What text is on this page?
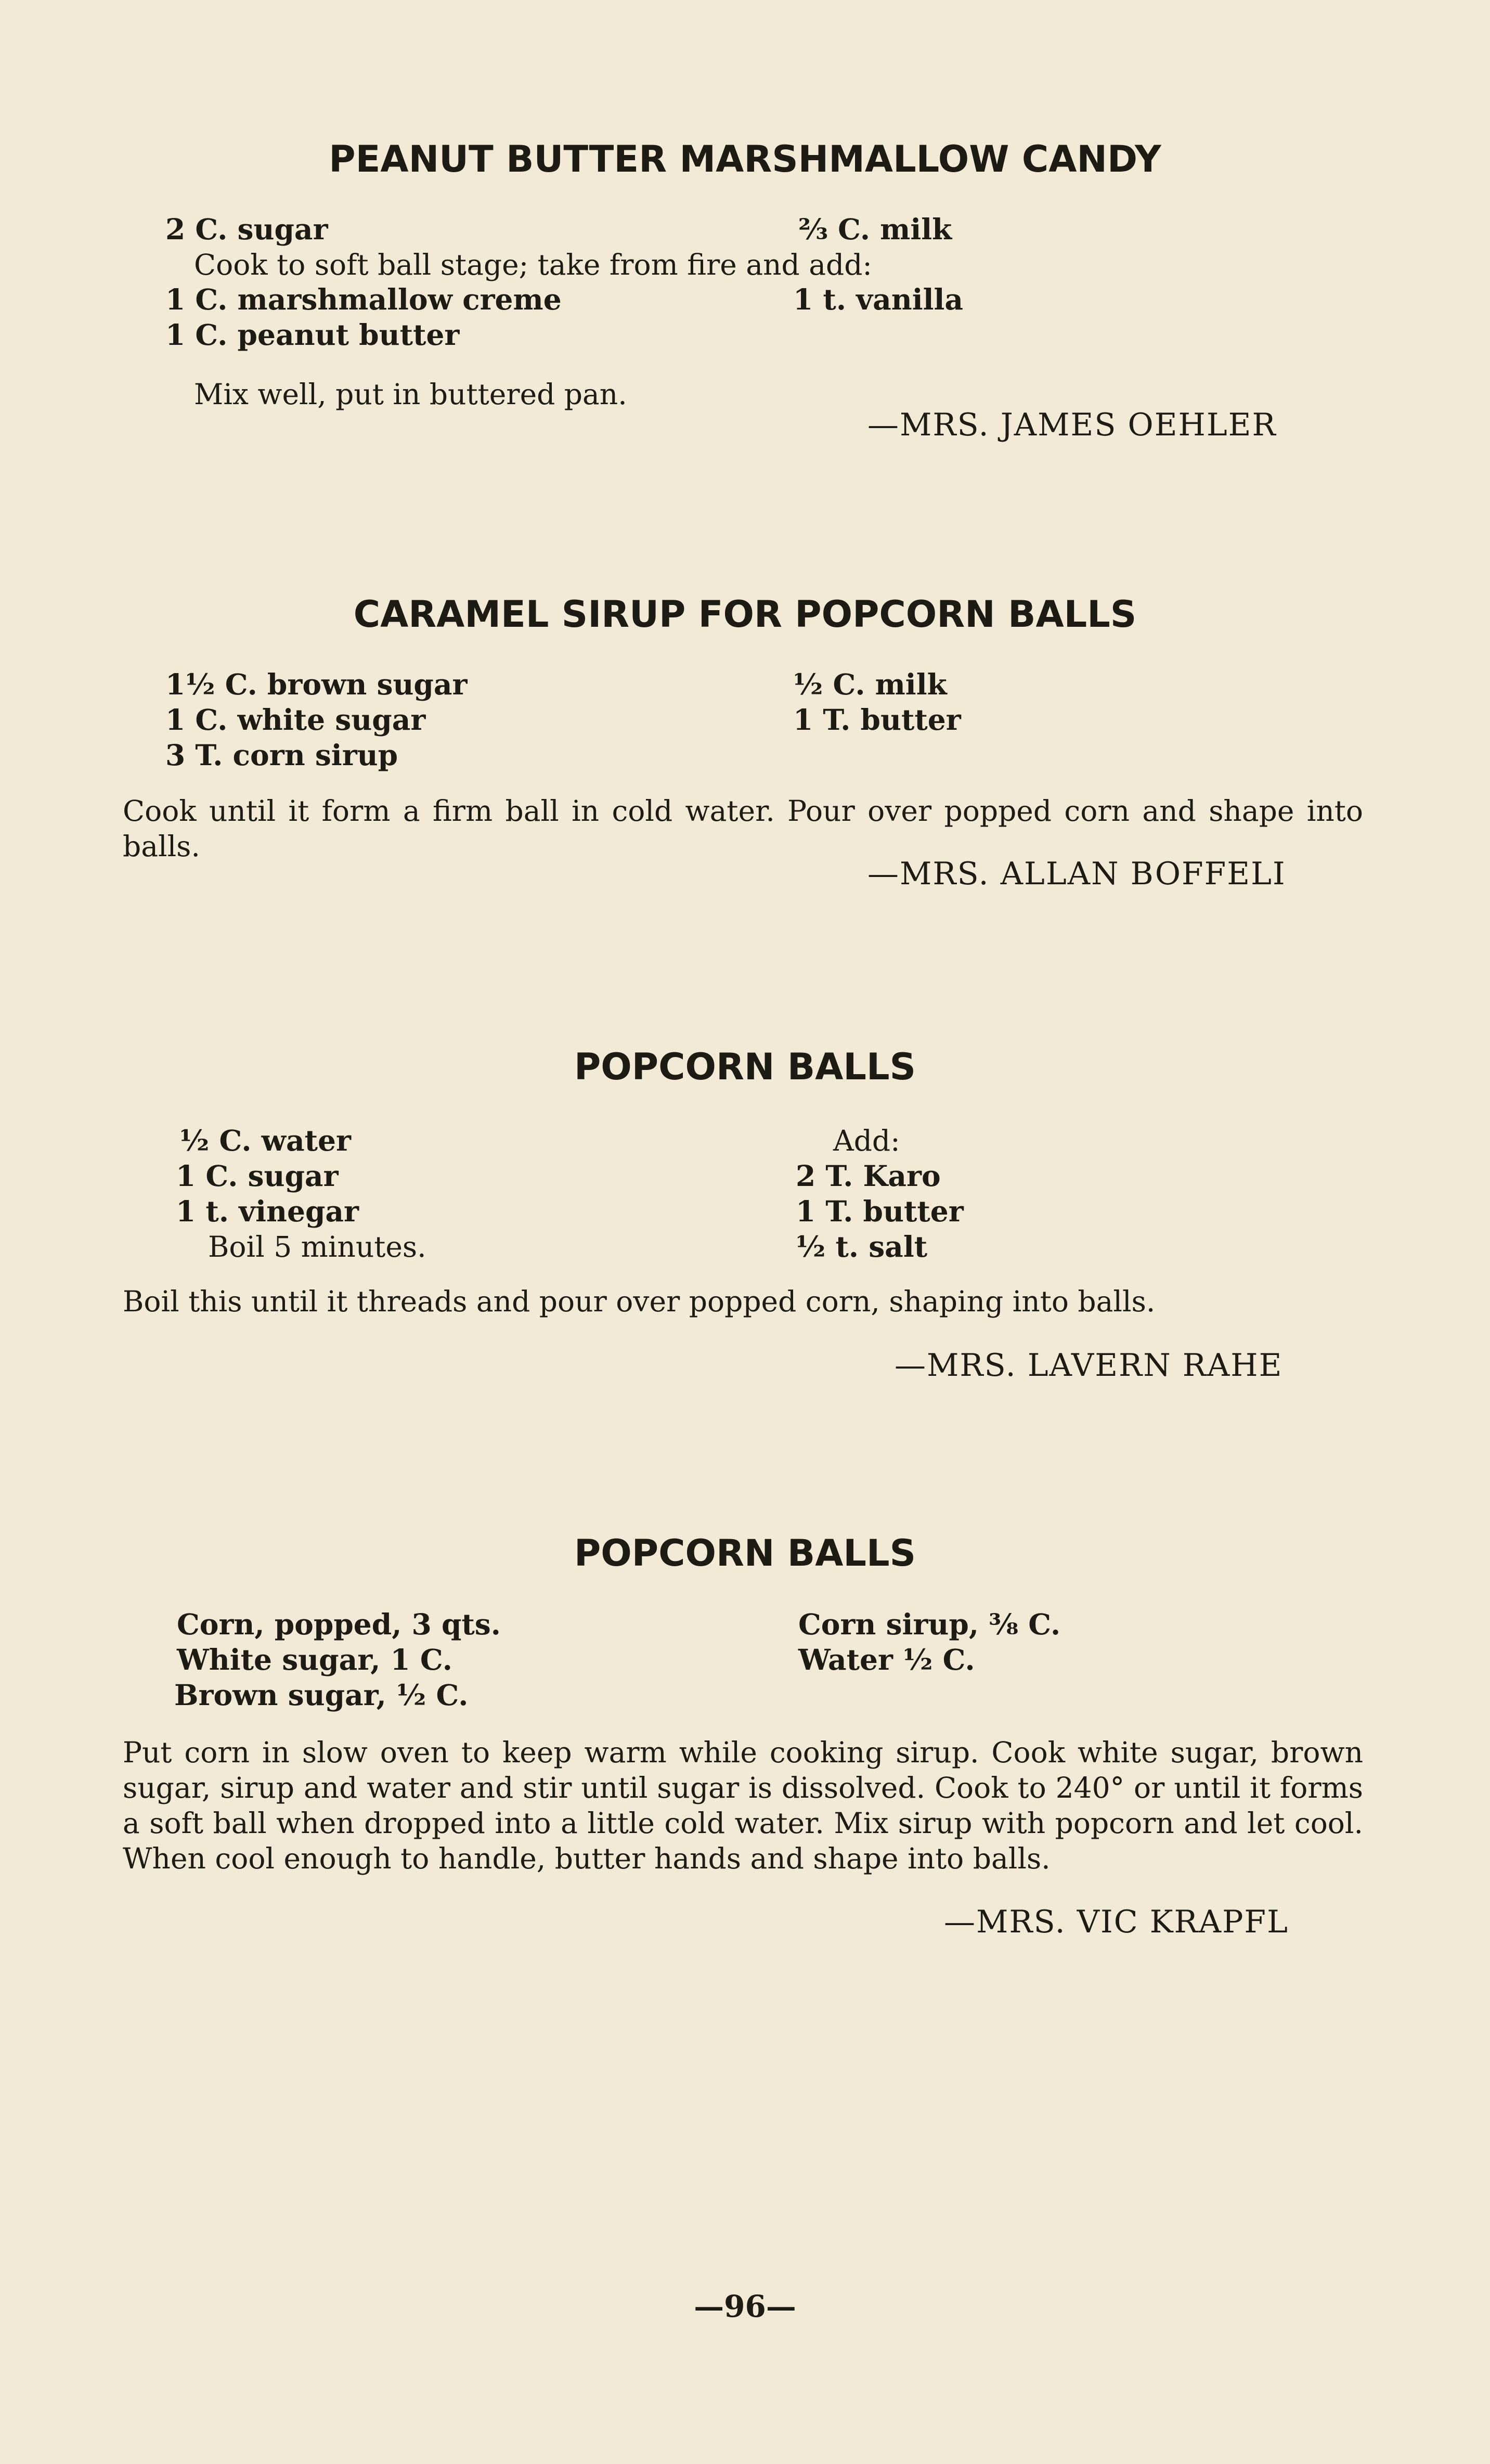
PEANUT BUTTER MARSHMALLOW CANDY

2 C. sugar	⅔ C. milk

Cook to soft ball stage; take from fire and add:

1 C. marshmallow creme	1 t. vanilla

1 C. peanut butter

Mix well, put in buttered pan.

—MRS. JAMES OEHLER

CARAMEL SIRUP FOR POPCORN BALLS

1½ C. brown sugar

1 C. white sugar

3 T. corn sirup

½ C. milk

1 T. butter

Cook until it form a firm ball in cold water. Pour over popped corn and shape into balls.

—MRS. ALLAN BOFFELI

POPCORN BALLS

½ C. water

1 C. sugar

1 t. vinegar

Boil 5 minutes.

Add:

2 T. Karo

1 T. butter

½ t. salt

Boil this until it threads and pour over popped corn, shaping into balls.

—MRS. LAVERN RAHE

POPCORN BALLS

Corn, popped, 3 qts.

White sugar, 1 C.

Brown sugar, ½ C.

Corn sirup, ⅜ C.

Water ½ C.

Put corn in slow oven to keep warm while cooking sirup. Cook white sugar, brown sugar, sirup and water and stir until sugar is dissolved. Cook to 240° or until it forms a soft ball when dropped into a little cold water. Mix sirup with popcorn and let cool. When cool enough to handle, butter hands and shape into balls.

—MRS. VIC KRAPFL

—96—
